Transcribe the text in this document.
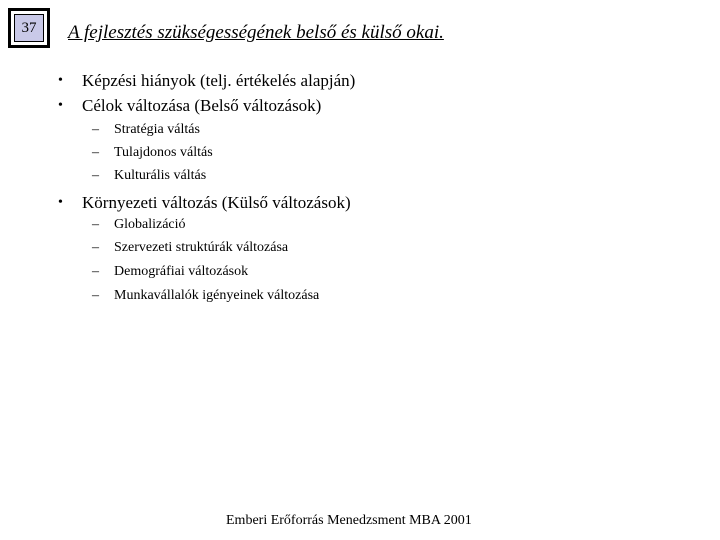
37	A fejlesztés szükségességének belső és külső okai.
• Képzési hiányok (telj. értékelés alapján)
• Célok változása (Belső változások)
– Stratégia váltás
– Tulajdonos váltás
– Kulturális váltás
• Környezeti változás (Külső változások)
– Globalizáció
– Szervezeti struktúrák változása
– Demográfiai változások
– Munkavállalók igényeinek változása
Emberi Erőforrás Menedzsment MBA 2001
